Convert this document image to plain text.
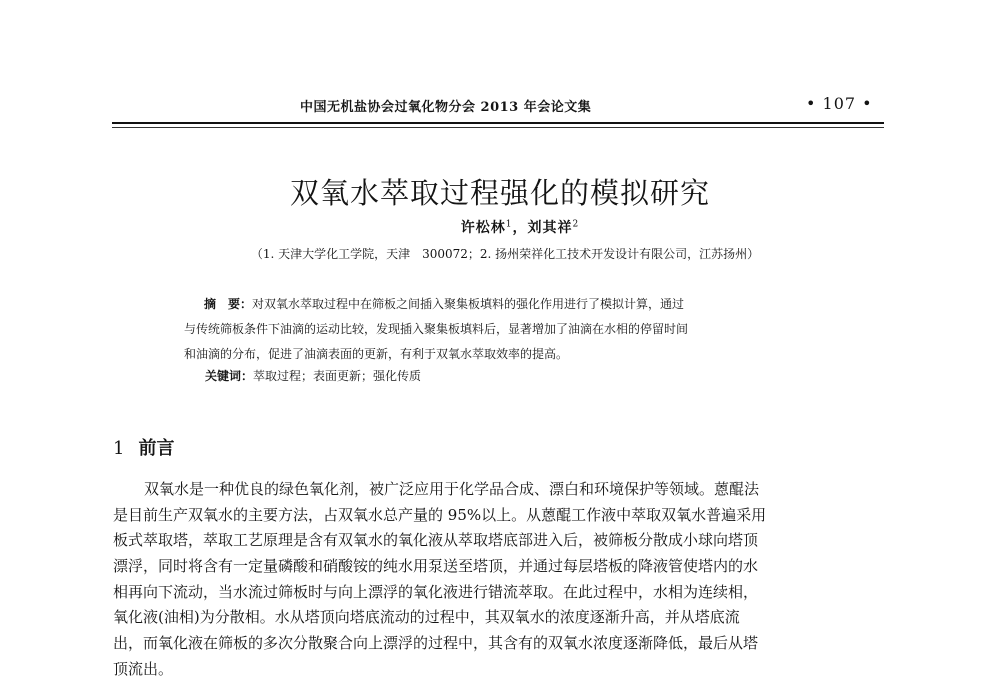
中国无机盐协会过氧化物分会 2013 年会论文集	• 107 •
双氧水萃取过程强化的模拟研究
许松林$^1$，刘其祥$^2$
（1. 天津大学化工学院，天津　300072；2. 扬州荣祥化工技术开发设计有限公司，江苏扬州）
摘　要：对双氧水萃取过程中在筛板之间插入聚集板填料的强化作用进行了模拟计算，通过
与传统筛板条件下油滴的运动比较，发现插入聚集板填料后，显著增加了油滴在水相的停留时间
和油滴的分布，促进了油滴表面的更新，有利于双氧水萃取效率的提高。
关键词：萃取过程；表面更新；强化传质
1 前言
双氧水是一种优良的绿色氧化剂，被广泛应用于化学品合成、漂白和环境保护等领域。蒽醌法
是目前生产双氧水的主要方法，占双氧水总产量的 95%以上。从蒽醌工作液中萃取双氧水普遍采用
板式萃取塔，萃取工艺原理是含有双氧水的氧化液从萃取塔底部进入后，被筛板分散成小球向塔顶
漂浮，同时将含有一定量磷酸和硝酸铵的纯水用泵送至塔顶，并通过每层塔板的降液管使塔内的水
相再向下流动，当水流过筛板时与向上漂浮的氧化液进行错流萃取。在此过程中，水相为连续相，
氧化液(油相)为分散相。水从塔顶向塔底流动的过程中，其双氧水的浓度逐渐升高，并从塔底流
出，而氧化液在筛板的多次分散聚合向上漂浮的过程中，其含有的双氧水浓度逐渐降低，最后从塔
顶流出。
